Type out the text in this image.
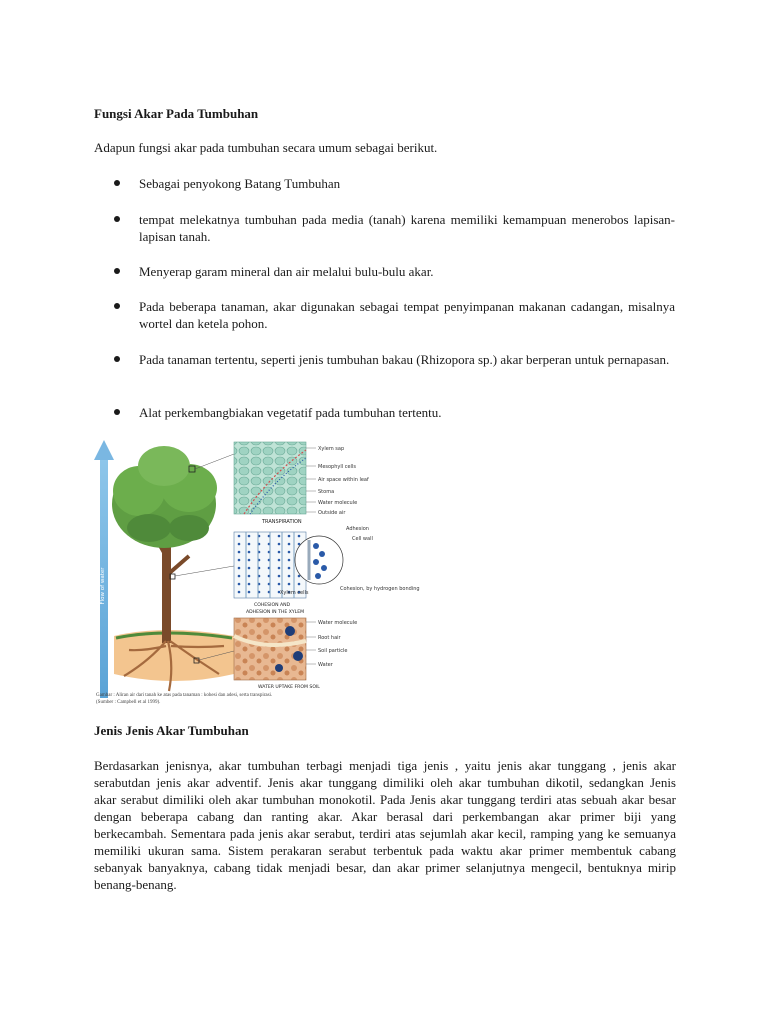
Fungsi Akar Pada Tumbuhan
Adapun fungsi akar pada tumbuhan secara umum sebagai berikut.
Sebagai penyokong Batang Tumbuhan
tempat melekatnya tumbuhan pada media (tanah) karena memiliki kemampuan menerobos lapisan-lapisan tanah.
Menyerap garam mineral dan air melalui bulu-bulu akar.
Pada beberapa tanaman, akar digunakan sebagai tempat penyimpanan makanan cadangan, misalnya wortel dan ketela pohon.
Pada tanaman tertentu, seperti jenis tumbuhan bakau (Rhizopora sp.) akar berperan untuk pernapasan.
Alat perkembangbiakan vegetatif pada tumbuhan tertentu.
Flow of water
Xylem sap
Mesophyll cells
Air space within leaf
Stoma
Water molecule
Outside air
TRANSPIRATION
Adhesion
Cell wall
Xylem cells
Cohesion, by hydrogen bonding
COHESION AND
ADHESION IN THE XYLEM
Water molecule
Root hair
Soil particle
Water
WATER UPTAKE FROM SOIL
Gambar : Aliran air dari tanah ke atas pada tanaman : kohesi dan adesi, serta transpirasi.
(Sumber : Campbell et al 1999).
Jenis Jenis Akar Tumbuhan
Berdasarkan jenisnya, akar tumbuhan terbagi menjadi tiga jenis , yaitu jenis akar tunggang , jenis akar serabutdan jenis akar adventif. Jenis akar tunggang dimiliki oleh akar tumbuhan dikotil, sedangkan Jenis akar serabut dimiliki oleh akar tumbuhan monokotil. Pada Jenis akar tunggang terdiri atas sebuah akar besar dengan beberapa cabang dan ranting akar. Akar berasal dari perkembangan akar primer biji yang berkecambah. Sementara pada jenis akar serabut, terdiri atas sejumlah akar kecil, ramping yang ke semuanya memiliki ukuran sama. Sistem perakaran serabut terbentuk pada waktu akar primer membentuk cabang sebanyak banyaknya, cabang tidak menjadi besar, dan akar primer selanjutnya mengecil, bentuknya mirip benang-benang.
